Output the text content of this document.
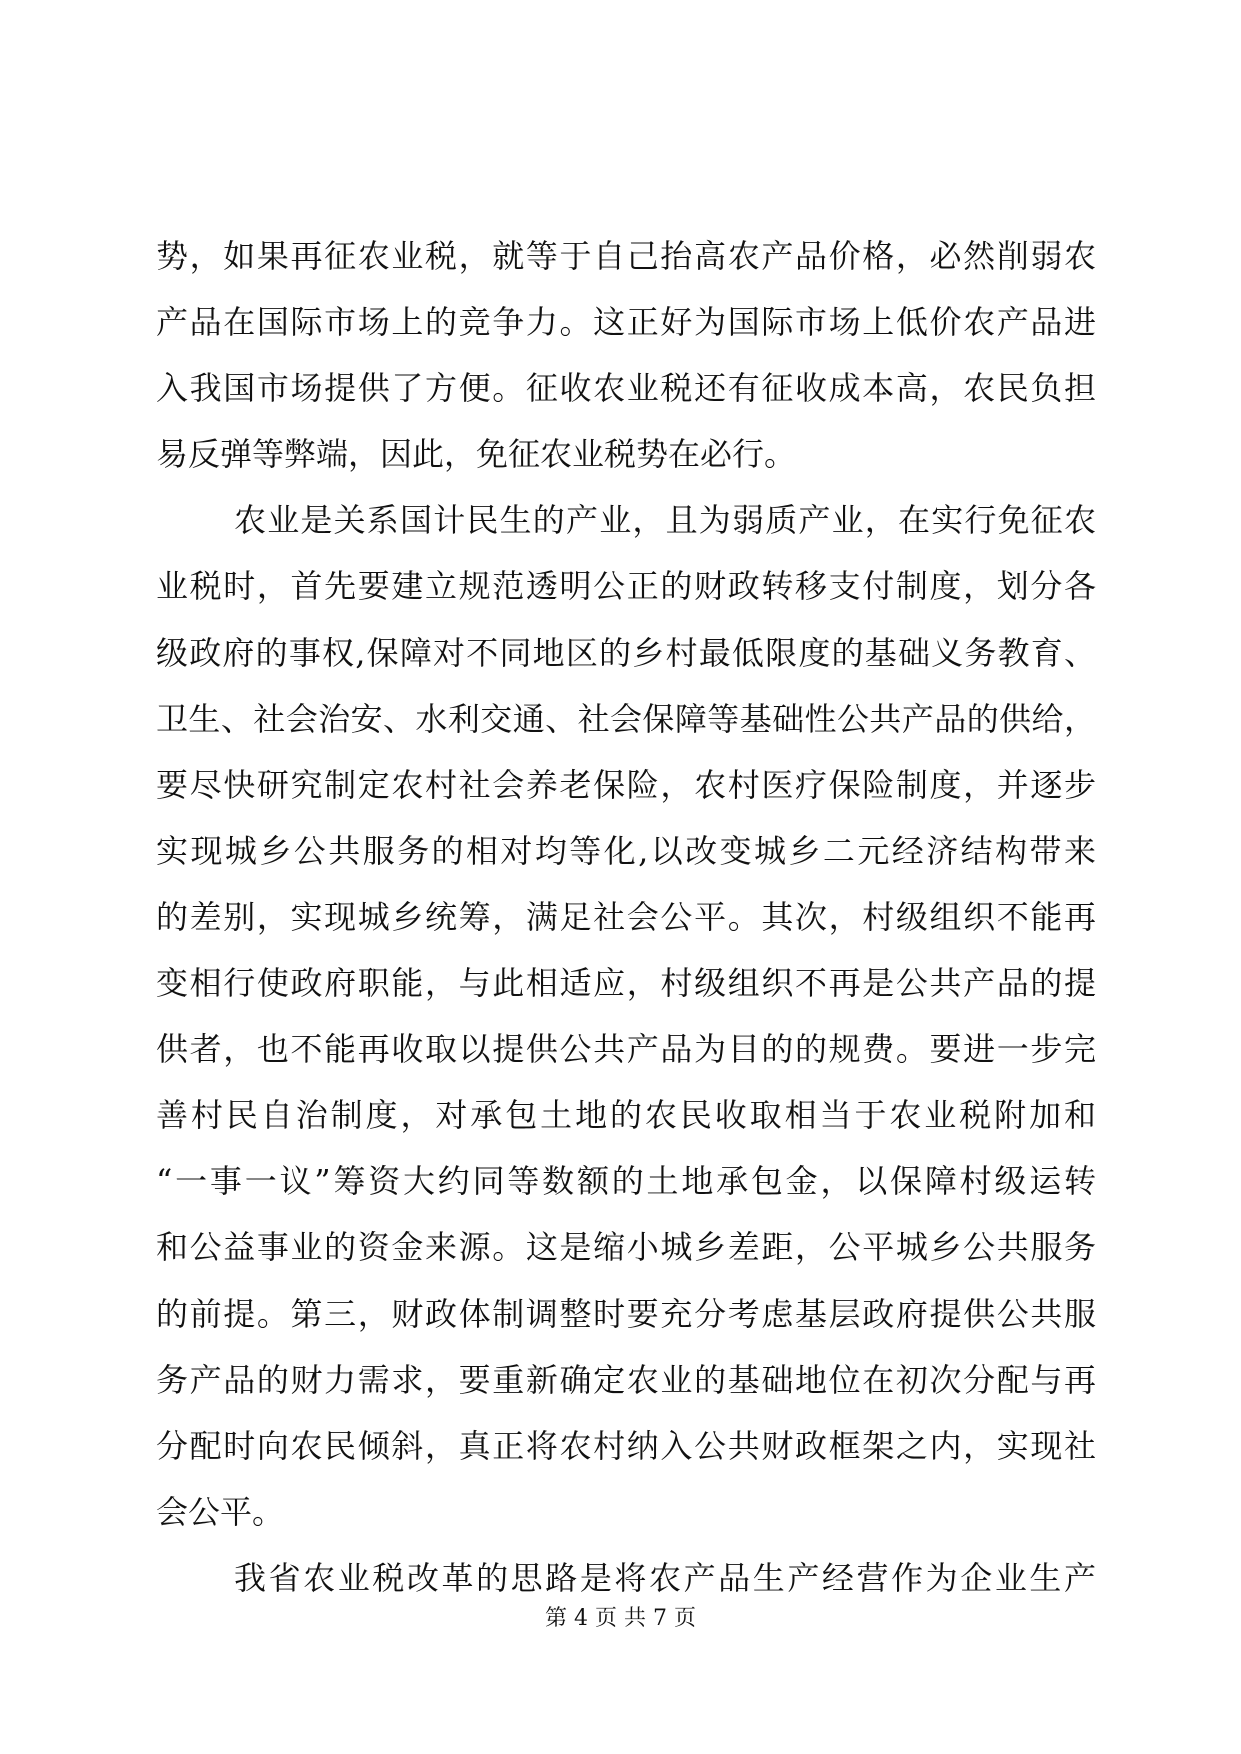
势，如果再征农业税，就等于自己抬高农产品价格，必然削弱农
产品在国际市场上的竞争力。这正好为国际市场上低价农产品进
入我国市场提供了方便。征收农业税还有征收成本高，农民负担
易反弹等弊端，因此，免征农业税势在必行。
农业是关系国计民生的产业，且为弱质产业，在实行免征农
业税时，首先要建立规范透明公正的财政转移支付制度，划分各
级政府的事权,保障对不同地区的乡村最低限度的基础义务教育、
卫生、社会治安、水利交通、社会保障等基础性公共产品的供给，
要尽快研究制定农村社会养老保险，农村医疗保险制度，并逐步
实现城乡公共服务的相对均等化,以改变城乡二元经济结构带来
的差别，实现城乡统筹，满足社会公平。其次，村级组织不能再
变相行使政府职能，与此相适应，村级组织不再是公共产品的提
供者，也不能再收取以提供公共产品为目的的规费。要进一步完
善村民自治制度，对承包土地的农民收取相当于农业税附加和
“一事一议”筹资大约同等数额的土地承包金，以保障村级运转
和公益事业的资金来源。这是缩小城乡差距，公平城乡公共服务
的前提。第三，财政体制调整时要充分考虑基层政府提供公共服
务产品的财力需求，要重新确定农业的基础地位在初次分配与再
分配时向农民倾斜，真正将农村纳入公共财政框架之内，实现社
会公平。
我省农业税改革的思路是将农产品生产经营作为企业生产
第 4 页 共 7 页
